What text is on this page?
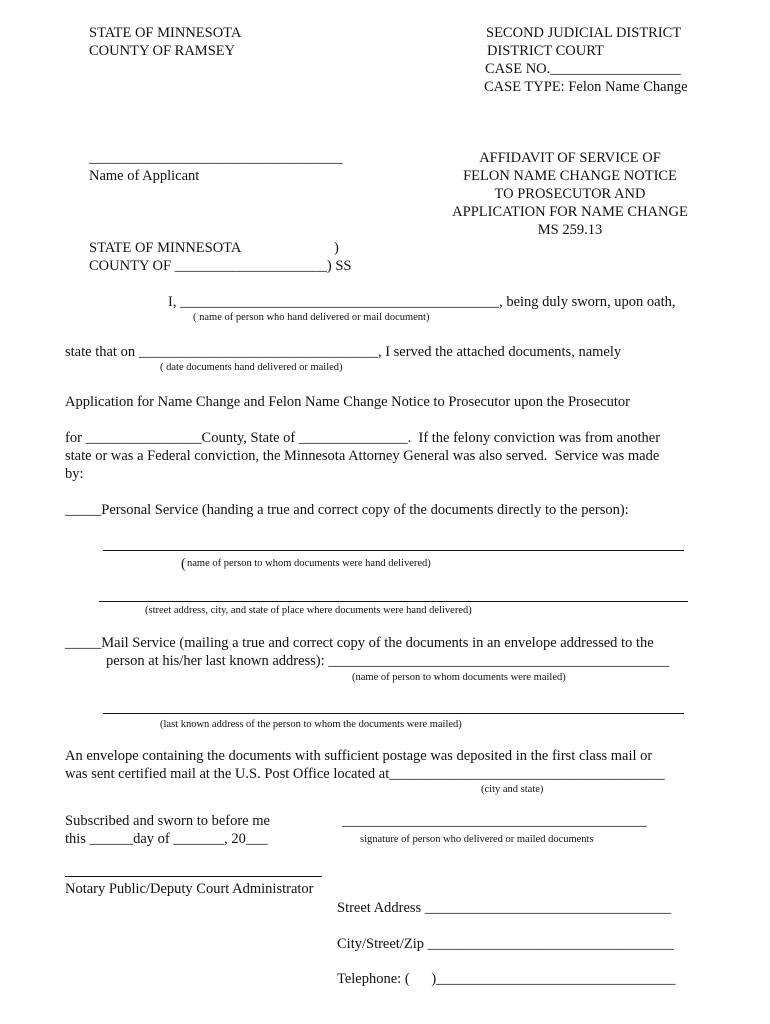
STATE OF MINNESOTA
COUNTY OF RAMSEY
SECOND JUDICIAL DISTRICT
DISTRICT COURT
CASE NO.__________________
CASE TYPE: Felon Name Change
___________________________________
Name of Applicant
AFFIDAVIT OF SERVICE OF
FELON NAME CHANGE NOTICE
TO PROSECUTOR AND
APPLICATION FOR NAME CHANGE
MS 259.13
STATE OF MINNESOTA	)
COUNTY OF _____________________) SS
I, ____________________________________________, being duly sworn, upon oath,
( name of person who hand delivered or mail document)
state that on _________________________________, I served the attached documents, namely
( date documents hand delivered or mailed)
Application for Name Change and Felon Name Change Notice to Prosecutor upon the Prosecutor
for ________________County, State of _______________.  If the felony conviction was from another
state or was a Federal conviction, the Minnesota Attorney General was also served.  Service was made
by:
_____Personal Service (handing a true and correct copy of the documents directly to the person):
( name of person to whom documents were hand delivered)
(street address, city, and state of place where documents were hand delivered)
_____Mail Service (mailing a true and correct copy of the documents in an envelope addressed to the
person at his/her last known address): _______________________________________________
(name of person to whom documents were mailed)
(last known address of the person to whom the documents were mailed)
An envelope containing the documents with sufficient postage was deposited in the first class mail or
was sent certified mail at the U.S. Post Office located at______________________________________
(city and state)
Subscribed and sworn to before me
this ______day of _______, 20___
__________________________________________
signature of person who delivered or mailed documents
Notary Public/Deputy Court Administrator
Street Address __________________________________
City/Street/Zip __________________________________
Telephone: (      )_________________________________
